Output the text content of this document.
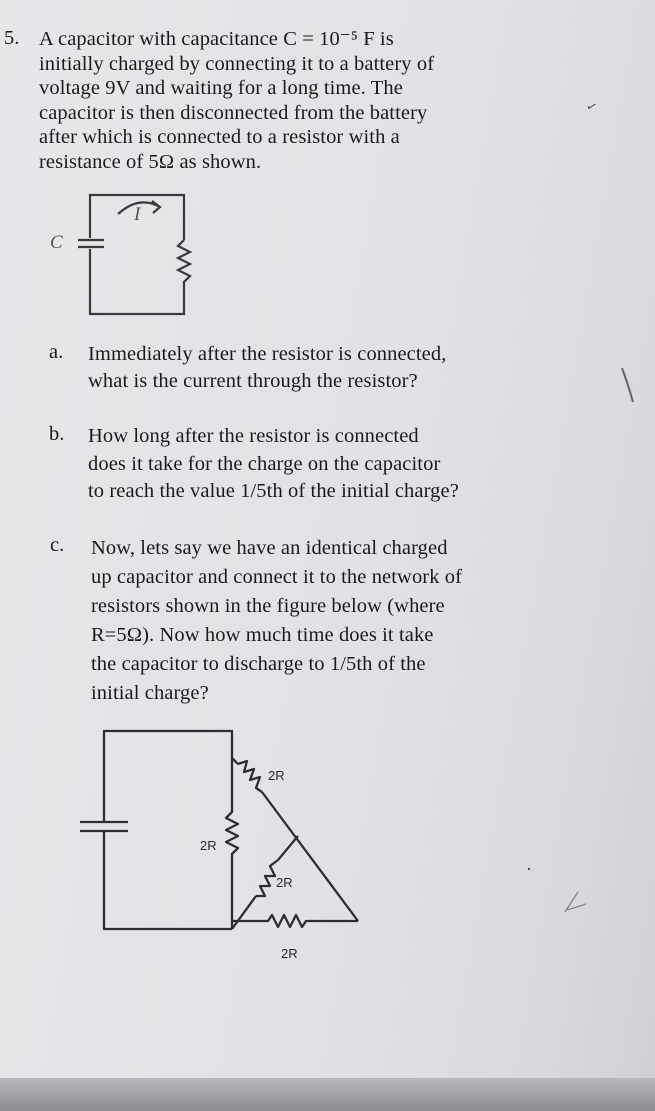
5. A capacitor with capacitance C = 10⁻⁵ F is
initially charged by connecting it to a battery of
voltage 9V and waiting for a long time. The
capacitor is then disconnected from the battery
after which is connected to a resistor with a
resistance of 5Ω as shown.
C
I
a. Immediately after the resistor is connected,
what is the current through the resistor?
b. How long after the resistor is connected
does it take for the charge on the capacitor
to reach the value 1/5th of the initial charge?
c. Now, lets say we have an identical charged
up capacitor and connect it to the network of
resistors shown in the figure below (where
R=5Ω). Now how much time does it take
the capacitor to discharge to 1/5th of the
initial charge?
2R
2R
2R
2R
✓
